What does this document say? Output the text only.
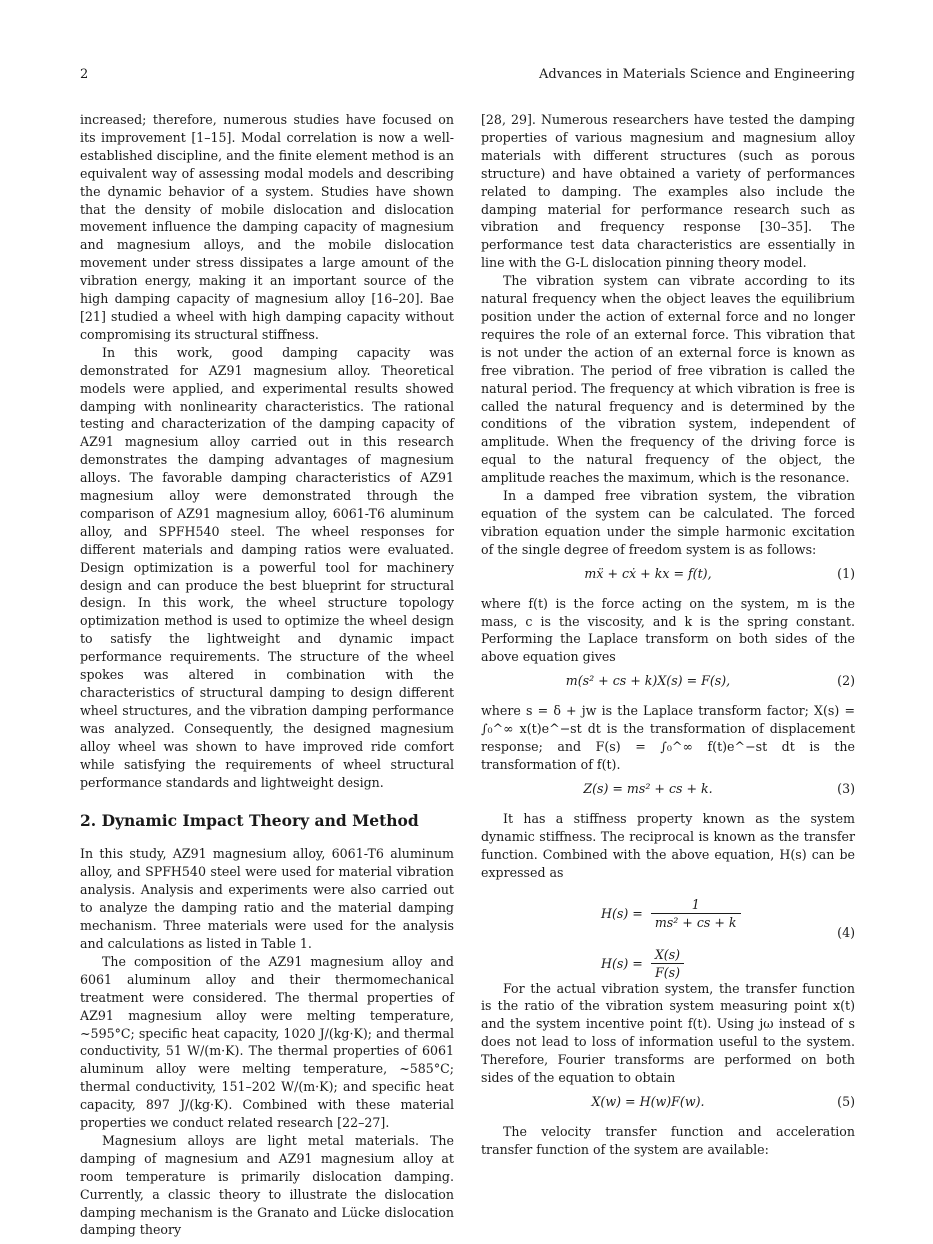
2	Advances in Materials Science and Engineering

increased; therefore, numerous studies have focused on its improvement [1–15]. Modal correlation is now a well-established discipline, and the finite element method is an equivalent way of assessing modal models and describing the dynamic behavior of a system. Studies have shown that the density of mobile dislocation and dislocation movement influence the damping capacity of magnesium and magnesium alloys, and the mobile dislocation movement under stress dissipates a large amount of the vibration energy, making it an important source of the high damping capacity of magnesium alloy [16–20]. Bae [21] studied a wheel with high damping capacity without compromising its structural stiffness.

In this work, good damping capacity was demonstrated for AZ91 magnesium alloy. Theoretical models were applied, and experimental results showed damping with nonlinearity characteristics. The rational testing and characterization of the damping capacity of AZ91 magnesium alloy carried out in this research demonstrates the damping advantages of magnesium alloys. The favorable damping characteristics of AZ91 magnesium alloy were demonstrated through the comparison of AZ91 magnesium alloy, 6061-T6 aluminum alloy, and SPFH540 steel. The wheel responses for different materials and damping ratios were evaluated. Design optimization is a powerful tool for machinery design and can produce the best blueprint for structural design. In this work, the wheel structure topology optimization method is used to optimize the wheel design to satisfy the lightweight and dynamic impact performance requirements. The structure of the wheel spokes was altered in combination with the characteristics of structural damping to design different wheel structures, and the vibration damping performance was analyzed. Consequently, the designed magnesium alloy wheel was shown to have improved ride comfort while satisfying the requirements of wheel structural performance standards and lightweight design.

2. Dynamic Impact Theory and Method

In this study, AZ91 magnesium alloy, 6061-T6 aluminum alloy, and SPFH540 steel were used for material vibration analysis. Analysis and experiments were also carried out to analyze the damping ratio and the material damping mechanism. Three materials were used for the analysis and calculations as listed in Table 1.

The composition of the AZ91 magnesium alloy and 6061 aluminum alloy and their thermomechanical treatment were considered. The thermal properties of AZ91 magnesium alloy were melting temperature, ~595°C; specific heat capacity, 1020 J/(kg·K); and thermal conductivity, 51 W/(m·K). The thermal properties of 6061 aluminum alloy were melting temperature, ~585°C; thermal conductivity, 151–202 W/(m·K); and specific heat capacity, 897 J/(kg·K). Combined with these material properties we conduct related research [22–27].

Magnesium alloys are light metal materials. The damping of magnesium and AZ91 magnesium alloy at room temperature is primarily dislocation damping. Currently, a classic theory to illustrate the dislocation damping mechanism is the Granato and Lücke dislocation damping theory

[28, 29]. Numerous researchers have tested the damping properties of various magnesium and magnesium alloy materials with different structures (such as porous structure) and have obtained a variety of performances related to damping. The examples also include the damping material for performance research such as vibration and frequency response [30–35]. The performance test data characteristics are essentially in line with the G-L dislocation pinning theory model.

The vibration system can vibrate according to its natural frequency when the object leaves the equilibrium position under the action of external force and no longer requires the role of an external force. This vibration that is not under the action of an external force is known as free vibration. The period of free vibration is called the natural period. The frequency at which vibration is free is called the natural frequency and is determined by the conditions of the vibration system, independent of amplitude. When the frequency of the driving force is equal to the natural frequency of the object, the amplitude reaches the maximum, which is the resonance.

In a damped free vibration system, the vibration equation of the system can be calculated. The forced vibration equation under the simple harmonic excitation of the single degree of freedom system is as follows:

mẍ + cẋ + kx = f(t),	(1)

where f(t) is the force acting on the system, m is the mass, c is the viscosity, and k is the spring constant. Performing the Laplace transform on both sides of the above equation gives

m(s² + cs + k)X(s) = F(s),	(2)

where s = δ + jw is the Laplace transform factor; X(s) = ∫₀^∞ x(t)e^−st dt is the transformation of displacement response; and F(s) = ∫₀^∞ f(t)e^−st dt is the transformation of f(t).

Z(s) = ms² + cs + k.	(3)

It has a stiffness property known as the system dynamic stiffness. The reciprocal is known as the transfer function. Combined with the above equation, H(s) can be expressed as

$H(s) = \frac{1}{\text{ms² + cs + k}}$
$H(s) = \frac{X(s)}{F(s)}$
(4)

For the actual vibration system, the transfer function is the ratio of the vibration system measuring point x(t) and the system incentive point f(t). Using jω instead of s does not lead to loss of information useful to the system. Therefore, Fourier transforms are performed on both sides of the equation to obtain

X(w) = H(w)F(w).	(5)

The velocity transfer function and acceleration transfer function of the system are available:
